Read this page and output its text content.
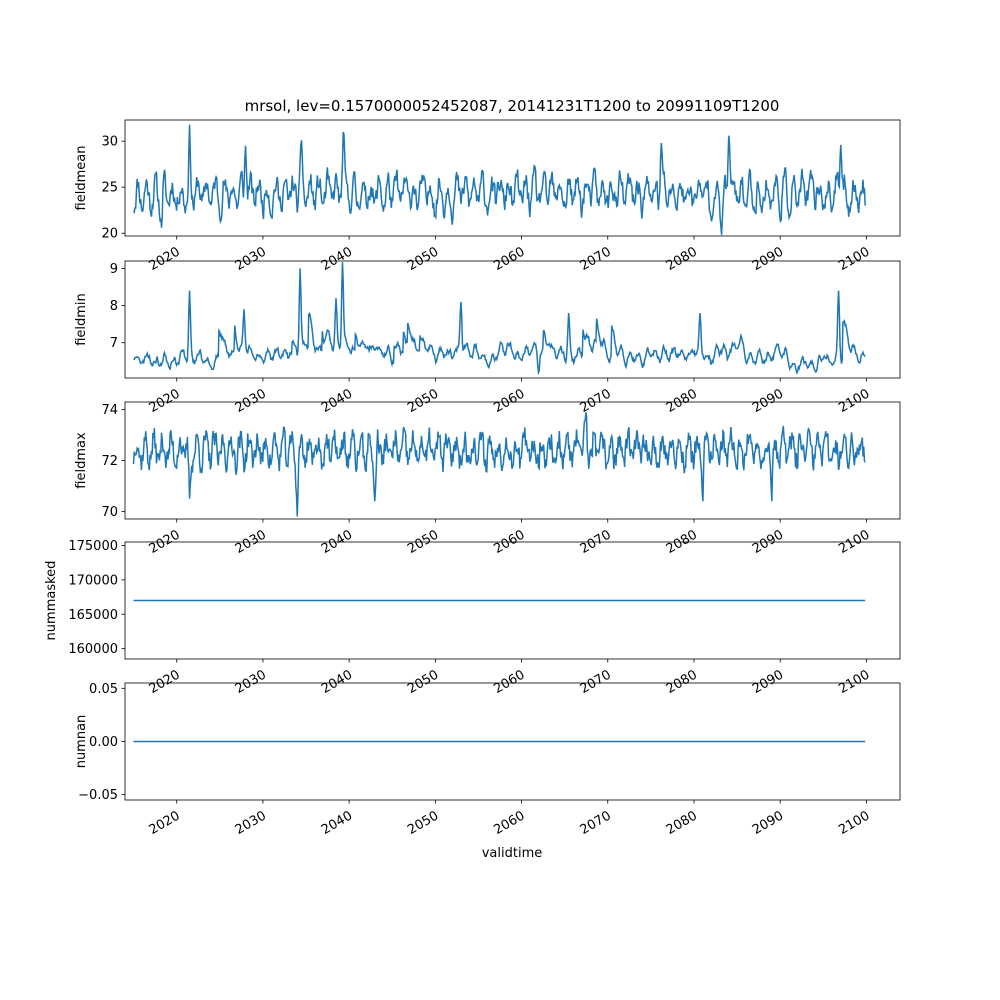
mrsol, lev=0.1570000052452087, 20141231T1200 to 20991109T1200
20
25
30
fieldmean
2020	2030	2040	2050	2060	2070	2080	2090	2100
7
8
9
fieldmin
2020	2030	2040	2050	2060	2070	2080	2090	2100
70
72
74
fieldmax
2020	2030	2040	2050	2060	2070	2080	2090	2100
160000
165000
170000
175000
nummasked
2020	2030	2040	2050	2060	2070	2080	2090	2100
−0.05
0.00
0.05
numnan
2020	2030	2040	2050	2060	2070	2080	2090	2100
validtime
